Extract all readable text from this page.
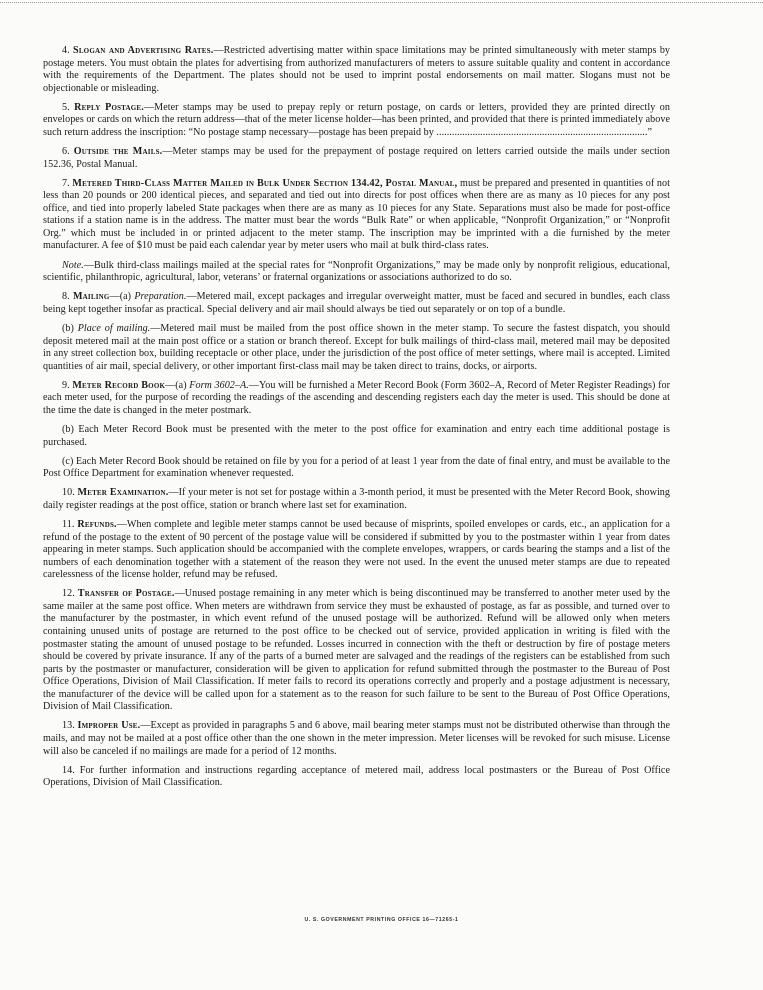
4. Slogan and Advertising Rates.—Restricted advertising matter within space limitations may be printed simultaneously with meter stamps by postage meters. You must obtain the plates for advertising from authorized manufacturers of meters to assure suitable quality and content in accordance with the requirements of the Department. The plates should not be used to imprint postal endorsements on mail matter. Slogans must not be objectionable or misleading.

5. Reply Postage.—Meter stamps may be used to prepay reply or return postage, on cards or letters, provided they are printed directly on envelopes or cards on which the return address—that of the meter license holder—has been printed, and provided that there is printed immediately above such return address the inscription: “No postage stamp necessary—postage has been prepaid by ..................................................................................”

6. Outside the Mails.—Meter stamps may be used for the prepayment of postage required on letters carried outside the mails under section 152.36, Postal Manual.

7. Metered Third-Class Matter Mailed in Bulk Under Section 134.42, Postal Manual, must be prepared and presented in quantities of not less than 20 pounds or 200 identical pieces, and separated and tied out into directs for post offices when there are as many as 10 pieces for any post office, and tied into properly labeled State packages when there are as many as 10 pieces for any State. Separations must also be made for post-office stations if a station name is in the address. The matter must bear the words “Bulk Rate” or when applicable, “Nonprofit Organization,” or “Nonprofit Org.” which must be included in or printed adjacent to the meter stamp. The inscription may be imprinted with a die furnished by the meter manufacturer. A fee of $10 must be paid each calendar year by meter users who mail at bulk third-class rates.

Note.—Bulk third-class mailings mailed at the special rates for “Nonprofit Organizations,” may be made only by nonprofit religious, educational, scientific, philanthropic, agricultural, labor, veterans’ or fraternal organizations or associations authorized to do so.

8. Mailing—(a) Preparation.—Metered mail, except packages and irregular overweight matter, must be faced and secured in bundles, each class being kept together insofar as practical. Special delivery and air mail should always be tied out separately or on top of a bundle.

(b) Place of mailing.—Metered mail must be mailed from the post office shown in the meter stamp. To secure the fastest dispatch, you should deposit metered mail at the main post office or a station or branch thereof. Except for bulk mailings of third-class mail, metered mail may be deposited in any street collection box, building receptacle or other place, under the jurisdiction of the post office of meter settings, where mail is accepted. Limited quantities of air mail, special delivery, or other important first-class mail may be taken direct to trains, docks, or airports.

9. Meter Record Book—(a) Form 3602–A.—You will be furnished a Meter Record Book (Form 3602–A, Record of Meter Register Readings) for each meter used, for the purpose of recording the readings of the ascending and descending registers each day the meter is used. This should be done at the time the date is changed in the meter postmark.

(b) Each Meter Record Book must be presented with the meter to the post office for examination and entry each time additional postage is purchased.

(c) Each Meter Record Book should be retained on file by you for a period of at least 1 year from the date of final entry, and must be available to the Post Office Department for examination whenever requested.

10. Meter Examination.—If your meter is not set for postage within a 3-month period, it must be presented with the Meter Record Book, showing daily register readings at the post office, station or branch where last set for examination.

11. Refunds.—When complete and legible meter stamps cannot be used because of misprints, spoiled envelopes or cards, etc., an application for a refund of the postage to the extent of 90 percent of the postage value will be considered if submitted by you to the postmaster within 1 year from dates appearing in meter stamps. Such application should be accompanied with the complete envelopes, wrappers, or cards bearing the stamps and a list of the numbers of each denomination together with a statement of the reason they were not used. In the event the unused meter stamps are due to repeated carelessness of the license holder, refund may be refused.

12. Transfer of Postage.—Unused postage remaining in any meter which is being discontinued may be transferred to another meter used by the same mailer at the same post office. When meters are withdrawn from service they must be exhausted of postage, as far as possible, and turned over to the manufacturer by the postmaster, in which event refund of the unused postage will be authorized. Refund will be allowed only when meters containing unused units of postage are returned to the post office to be checked out of service, provided application in writing is filed with the postmaster stating the amount of unused postage to be refunded. Losses incurred in connection with the theft or destruction by fire of postage meters should be covered by private insurance. If any of the parts of a burned meter are salvaged and the readings of the registers can be established from such parts by the postmaster or manufacturer, consideration will be given to application for refund submitted through the postmaster to the Bureau of Post Office Operations, Division of Mail Classification. If meter fails to record its operations correctly and properly and a postage adjustment is necessary, the manufacturer of the device will be called upon for a statement as to the reason for such failure to be sent to the Bureau of Post Office Operations, Division of Mail Classification.

13. Improper Use.—Except as provided in paragraphs 5 and 6 above, mail bearing meter stamps must not be distributed otherwise than through the mails, and may not be mailed at a post office other than the one shown in the meter impression. Meter licenses will be revoked for such misuse. License will also be canceled if no mailings are made for a period of 12 months.

14. For further information and instructions regarding acceptance of metered mail, address local postmasters or the Bureau of Post Office Operations, Division of Mail Classification.

U. S. GOVERNMENT PRINTING OFFICE 16—71265-1
